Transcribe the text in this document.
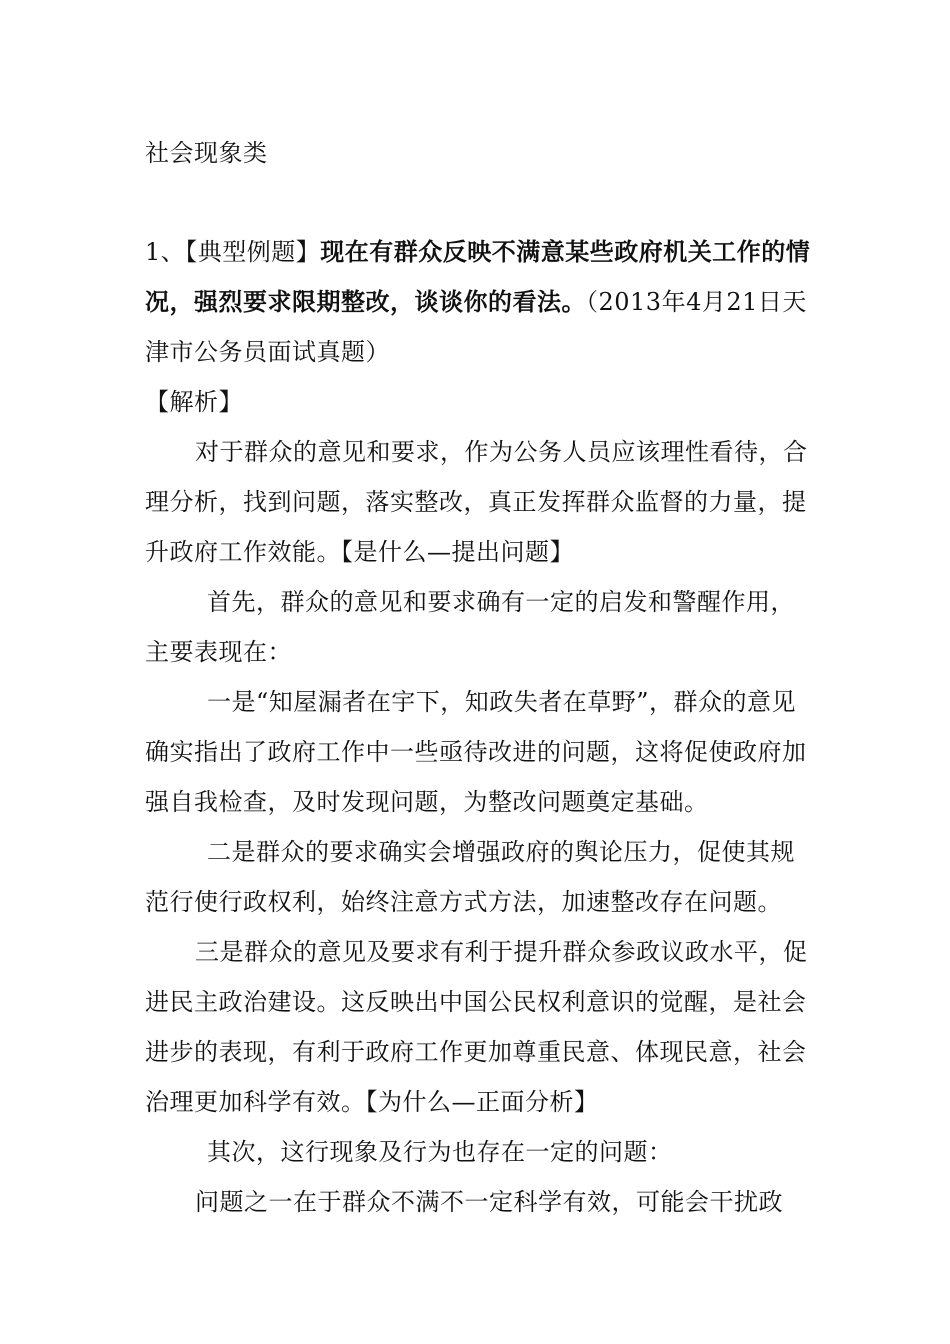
社会现象类

1、【典型例题】现在有群众反映不满意某些政府机关工作的情况，强烈要求限期整改，谈谈你的看法。（2013年4月21日天津市公务员面试真题）

【解析】

对于群众的意见和要求，作为公务人员应该理性看待，合理分析，找到问题，落实整改，真正发挥群众监督的力量，提升政府工作效能。【是什么—提出问题】

首先，群众的意见和要求确有一定的启发和警醒作用，主要表现在：

一是“知屋漏者在宇下，知政失者在草野”，群众的意见确实指出了政府工作中一些亟待改进的问题，这将促使政府加强自我检查，及时发现问题，为整改问题奠定基础。

二是群众的要求确实会增强政府的舆论压力，促使其规范行使行政权利，始终注意方式方法，加速整改存在问题。

三是群众的意见及要求有利于提升群众参政议政水平，促进民主政治建设。这反映出中国公民权利意识的觉醒，是社会进步的表现，有利于政府工作更加尊重民意、体现民意，社会治理更加科学有效。【为什么—正面分析】

其次，这行现象及行为也存在一定的问题：

问题之一在于群众不满不一定科学有效，可能会干扰政
